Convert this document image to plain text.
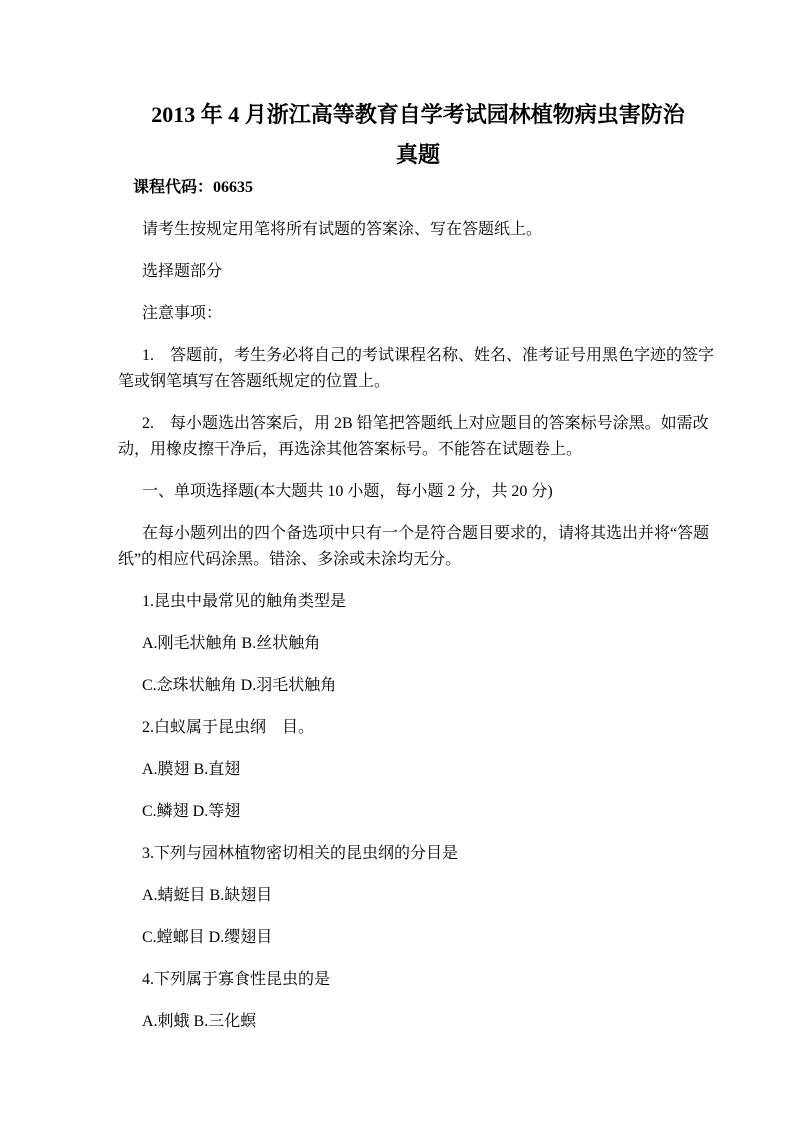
2013 年 4 月浙江高等教育自学考试园林植物病虫害防治真题

课程代码：06635

请考生按规定用笔将所有试题的答案涂、写在答题纸上。

选择题部分

注意事项：

1.　答题前，考生务必将自己的考试课程名称、姓名、准考证号用黑色字迹的签字笔或钢笔填写在答题纸规定的位置上。

2.　每小题选出答案后，用 2B 铅笔把答题纸上对应题目的答案标号涂黑。如需改动，用橡皮擦干净后，再选涂其他答案标号。不能答在试题卷上。

一、单项选择题(本大题共 10 小题，每小题 2 分，共 20 分)

在每小题列出的四个备选项中只有一个是符合题目要求的，请将其选出并将“答题纸”的相应代码涂黑。错涂、多涂或未涂均无分。

1.昆虫中最常见的触角类型是

A.刚毛状触角 B.丝状触角

C.念珠状触角 D.羽毛状触角

2.白蚁属于昆虫纲　目。

A.膜翅 B.直翅

C.鳞翅 D.等翅

3.下列与园林植物密切相关的昆虫纲的分目是

A.蜻蜓目 B.缺翅目

C.螳螂目 D.缨翅目

4.下列属于寡食性昆虫的是

A.刺蛾 B.三化螟
